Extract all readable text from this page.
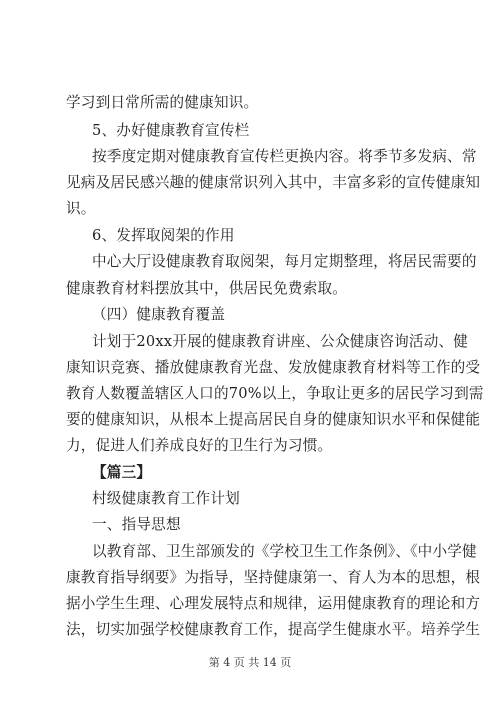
学习到日常所需的健康知识。
5、办好健康教育宣传栏
按季度定期对健康教育宣传栏更换内容。将季节多发病、常
见病及居民感兴趣的健康常识列入其中，丰富多彩的宣传健康知
识。
6、发挥取阅架的作用
中心大厅设健康教育取阅架，每月定期整理，将居民需要的
健康教育材料摆放其中，供居民免费索取。
（四）健康教育覆盖
计划于20xx开展的健康教育讲座、公众健康咨询活动、健
康知识竞赛、播放健康教育光盘、发放健康教育材料等工作的受
教育人数覆盖辖区人口的70%以上，争取让更多的居民学习到需
要的健康知识，从根本上提高居民自身的健康知识水平和保健能
力，促进人们养成良好的卫生行为习惯。
【篇三】
村级健康教育工作计划
一、指导思想
以教育部、卫生部颁发的《学校卫生工作条例》、《中小学健
康教育指导纲要》为指导，坚持健康第一、育人为本的思想，根
据小学生生理、心理发展特点和规律，运用健康教育的理论和方
法，切实加强学校健康教育工作，提高学生健康水平。培养学生
第 4 页 共 14 页
